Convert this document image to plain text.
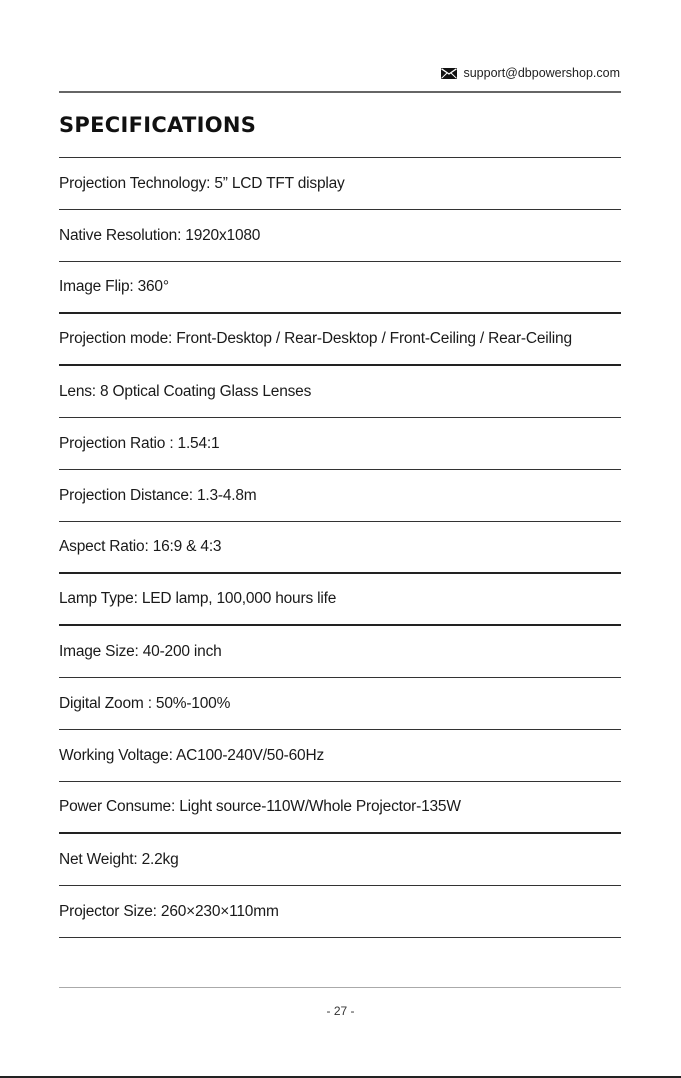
support@dbpowershop.com
SPECIFICATIONS
Projection Technology: 5” LCD TFT display
Native Resolution: 1920x1080
Image Flip: 360°
Projection mode: Front-Desktop / Rear-Desktop / Front-Ceiling / Rear-Ceiling
Lens: 8 Optical Coating Glass Lenses
Projection Ratio : 1.54:1
Projection Distance: 1.3-4.8m
Aspect Ratio: 16:9 & 4:3
Lamp Type: LED lamp, 100,000 hours life
Image Size: 40-200 inch
Digital Zoom : 50%-100%
Working Voltage: AC100-240V/50-60Hz
Power Consume: Light source-110W/Whole Projector-135W
Net Weight: 2.2kg
Projector Size: 260×230×110mm
- 27 -
